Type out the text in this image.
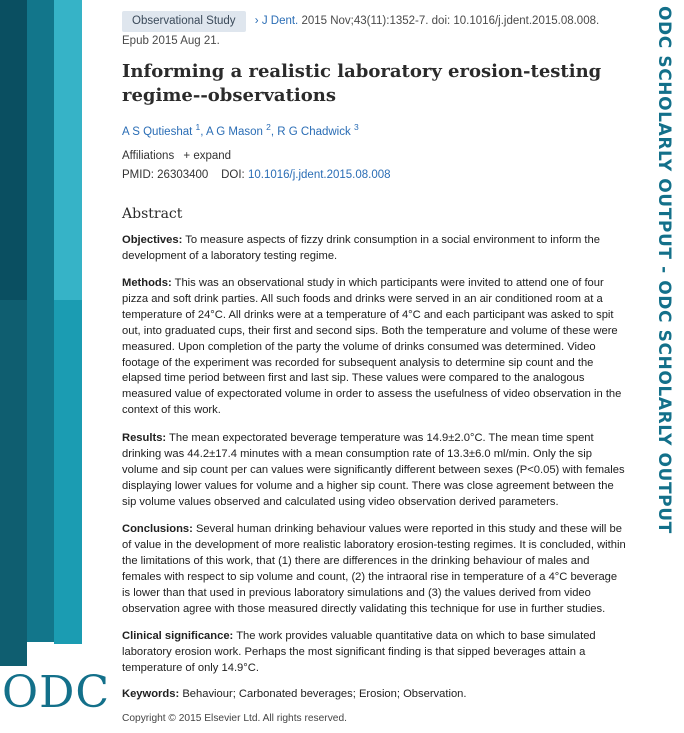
ODC
ODC SCHOLARLY OUTPUT - ODC SCHOLARLY OUTPUT
Observational Study › J Dent. 2015 Nov;43(11):1352-7. doi: 10.1016/j.jdent.2015.08.008.
Epub 2015 Aug 21.
Informing a realistic laboratory erosion-testing regime--observations
A S Qutieshat $^1$, A G Mason $^2$, R G Chadwick $^3$
Affiliations + expand
PMID: 26303400 DOI: 10.1016/j.jdent.2015.08.008
Abstract

Objectives: To measure aspects of fizzy drink consumption in a social environment to inform the development of a laboratory testing regime.

Methods: This was an observational study in which participants were invited to attend one of four pizza and soft drink parties. All such foods and drinks were served in an air conditioned room at a temperature of 24°C. All drinks were at a temperature of 4°C and each participant was asked to spit out, into graduated cups, their first and second sips. Both the temperature and volume of these were measured. Upon completion of the party the volume of drinks consumed was determined. Video footage of the experiment was recorded for subsequent analysis to determine sip count and the elapsed time period between first and last sip. These values were compared to the analogous measured value of expectorated volume in order to assess the usefulness of video observation in the context of this work.

Results: The mean expectorated beverage temperature was 14.9±2.0°C. The mean time spent drinking was 44.2±17.4 minutes with a mean consumption rate of 13.3±6.0 ml/min. Only the sip volume and sip count per can values were significantly different between sexes (P<0.05) with females displaying lower values for volume and a higher sip count. There was close agreement between the sip volume values observed and calculated using video observation derived parameters.

Conclusions: Several human drinking behaviour values were reported in this study and these will be of value in the development of more realistic laboratory erosion-testing regimes. It is concluded, within the limitations of this work, that (1) there are differences in the drinking behaviour of males and females with respect to sip volume and count, (2) the intraoral rise in temperature of a 4°C beverage is lower than that used in previous laboratory simulations and (3) the values derived from video observation agree with those measured directly validating this technique for use in further studies.

Clinical significance: The work provides valuable quantitative data on which to base simulated laboratory erosion work. Perhaps the most significant finding is that sipped beverages attain a temperature of only 14.9°C.

Keywords: Behaviour; Carbonated beverages; Erosion; Observation.

Copyright © 2015 Elsevier Ltd. All rights reserved.
